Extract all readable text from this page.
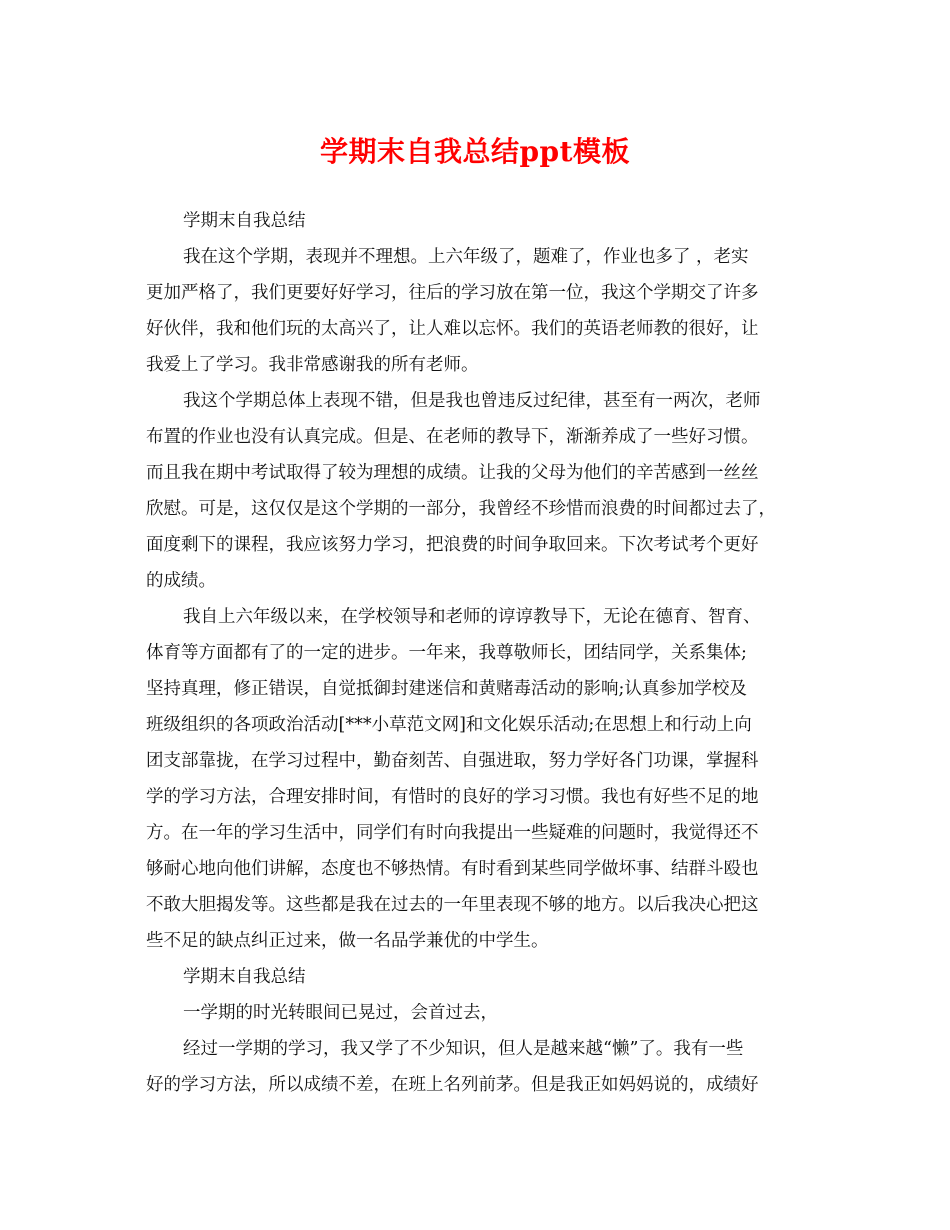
学期末自我总结ppt模板
学期末自我总结
我在这个学期，表现并不理想。上六年级了，题难了，作业也多了 ，老实
更加严格了，我们更要好好学习，往后的学习放在第一位，我这个学期交了许多
好伙伴，我和他们玩的太高兴了，让人难以忘怀。我们的英语老师教的很好，让
我爱上了学习。我非常感谢我的所有老师。
我这个学期总体上表现不错，但是我也曾违反过纪律，甚至有一两次，老师
布置的作业也没有认真完成。但是、在老师的教导下，渐渐养成了一些好习惯。
而且我在期中考试取得了较为理想的成绩。让我的父母为他们的辛苦感到一丝丝
欣慰。可是，这仅仅是这个学期的一部分，我曾经不珍惜而浪费的时间都过去了，
面度剩下的课程，我应该努力学习，把浪费的时间争取回来。下次考试考个更好
的成绩。
我自上六年级以来，在学校领导和老师的谆谆教导下，无论在德育、智育、
体育等方面都有了的一定的进步。一年来，我尊敬师长，团结同学，关系集体;
坚持真理，修正错误，自觉抵御封建迷信和黄赌毒活动的影响;认真参加学校及
班级组织的各项政治活动[***小草范文网]和文化娱乐活动;在思想上和行动上向
团支部靠拢，在学习过程中，勤奋刻苦、自强进取，努力学好各门功课，掌握科
学的学习方法，合理安排时间，有惜时的良好的学习习惯。我也有好些不足的地
方。在一年的学习生活中，同学们有时向我提出一些疑难的问题时，我觉得还不
够耐心地向他们讲解，态度也不够热情。有时看到某些同学做坏事、结群斗殴也
不敢大胆揭发等。这些都是我在过去的一年里表现不够的地方。以后我决心把这
些不足的缺点纠正过来，做一名品学兼优的中学生。
学期末自我总结
一学期的时光转眼间已晃过，会首过去，
经过一学期的学习，我又学了不少知识，但人是越来越“懒”了。我有一些
好的学习方法，所以成绩不差，在班上名列前茅。但是我正如妈妈说的，成绩好
